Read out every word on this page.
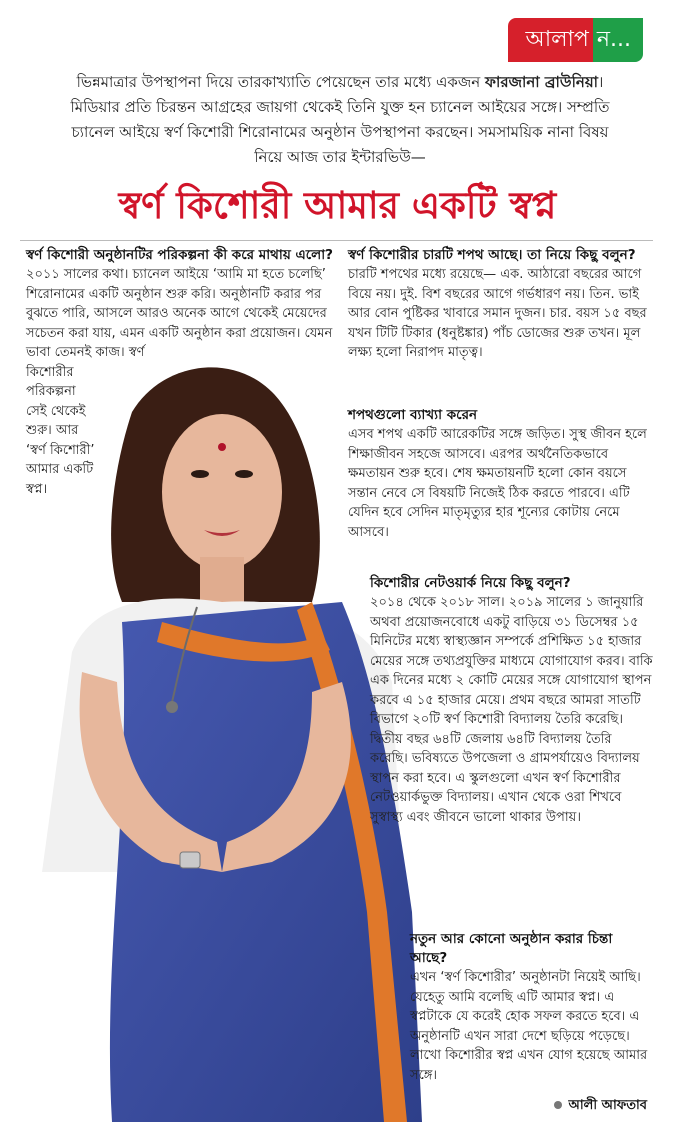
আলাপ ন...
ভিন্নমাত্রার উপস্থাপনা দিয়ে তারকাখ্যাতি পেয়েছেন তার মধ্যে একজন ফারজানা ব্রাউনিয়া। মিডিয়ার প্রতি চিরন্তন আগ্রহের জায়গা থেকেই তিনি যুক্ত হন চ্যানেল আইয়ের সঙ্গে। সম্প্রতি চ্যানেল আইয়ে স্বর্ণ কিশোরী শিরোনামের অনুষ্ঠান উপস্থাপনা করছেন। সমসাময়িক নানা বিষয় নিয়ে আজ তার ইন্টারভিউ—
স্বর্ণ কিশোরী আমার একটি স্বপ্ন
স্বর্ণ কিশোরী অনুষ্ঠানটির পরিকল্পনা কী করে মাথায় এলো?

২০১১ সালের কথা। চ্যানেল আইয়ে ‘আমি মা হতে চলেছি’ শিরোনামের একটি অনুষ্ঠান শুরু করি। অনুষ্ঠানটি করার পর বুঝতে পারি, আসলে আরও অনেক আগে থেকেই মেয়েদের সচেতন করা যায়, এমন একটি অনুষ্ঠান করা প্রয়োজন। যেমন ভাবা তেমনই কাজ। স্বর্ণ

কিশোরীর পরিকল্পনা সেই থেকেই শুরু। আর ‘স্বর্ণ কিশোরী’ আমার একটি স্বপ্ন।

স্বর্ণ কিশোরীর চারটি শপথ আছে। তা নিয়ে কিছু বলুন?

চারটি শপথের মধ্যে রয়েছে— এক. আঠারো বছরের আগে বিয়ে নয়। দুই. বিশ বছরের আগে গর্ভধারণ নয়। তিন. ভাই আর বোন পুষ্টিকর খাবারে সমান দুজন। চার. বয়স ১৫ বছর যখন টিটি টিকার (ধনুষ্টঙ্কার) পাঁচ ডোজের শুরু তখন। মূল লক্ষ্য হলো নিরাপদ মাতৃত্ব।

শপথগুলো ব্যাখ্যা করেন

এসব শপথ একটি আরেকটির সঙ্গে জড়িত। সুস্থ জীবন হলে শিক্ষাজীবন সহজে আসবে। এরপর অর্থনৈতিকভাবে ক্ষমতায়ন শুরু হবে। শেষ ক্ষমতায়নটি হলো কোন বয়সে সন্তান নেবে সে বিষয়টি নিজেই ঠিক করতে পারবে। এটি যেদিন হবে সেদিন মাতৃমৃত্যুর হার শূন্যের কোটায় নেমে আসবে।

কিশোরীর নেটওয়ার্ক নিয়ে কিছু বলুন?

২০১৪ থেকে ২০১৮ সাল। ২০১৯ সালের ১ জানুয়ারি অথবা প্রয়োজনবোধে একটু বাড়িয়ে ৩১ ডিসেম্বর ১৫ মিনিটের মধ্যে স্বাস্থ্যজ্ঞান সম্পর্কে প্রশিক্ষিত ১৫ হাজার মেয়ের সঙ্গে তথ্যপ্রযুক্তির মাধ্যমে যোগাযোগ করব। বাকি এক দিনের মধ্যে ২ কোটি মেয়ের সঙ্গে যোগাযোগ স্থাপন করবে এ ১৫ হাজার মেয়ে। প্রথম বছরে আমরা সাতটি বিভাগে ২০টি স্বর্ণ কিশোরী বিদ্যালয় তৈরি করেছি। দ্বিতীয় বছর ৬৪টি জেলায় ৬৪টি বিদ্যালয় তৈরি করেছি। ভবিষ্যতে উপজেলা ও গ্রামপর্যায়েও বিদ্যালয় স্থাপন করা হবে। এ স্কুলগুলো এখন স্বর্ণ কিশোরীর নেটওয়ার্কভুক্ত বিদ্যালয়। এখান থেকে ওরা শিখবে সুস্বাস্থ্য এবং জীবনে ভালো থাকার উপায়।

নতুন আর কোনো অনুষ্ঠান করার চিন্তা আছে?

এখন ‘স্বর্ণ কিশোরীর’ অনুষ্ঠানটা নিয়েই আছি। যেহেতু আমি বলেছি এটি আমার স্বপ্ন। এ স্বপ্নটাকে যে করেই হোক সফল করতে হবে। এ অনুষ্ঠানটি এখন সারা দেশে ছড়িয়ে পড়েছে। লাখো কিশোরীর স্বপ্ন এখন যোগ হয়েছে আমার সঙ্গে।

আলী আফতাব
